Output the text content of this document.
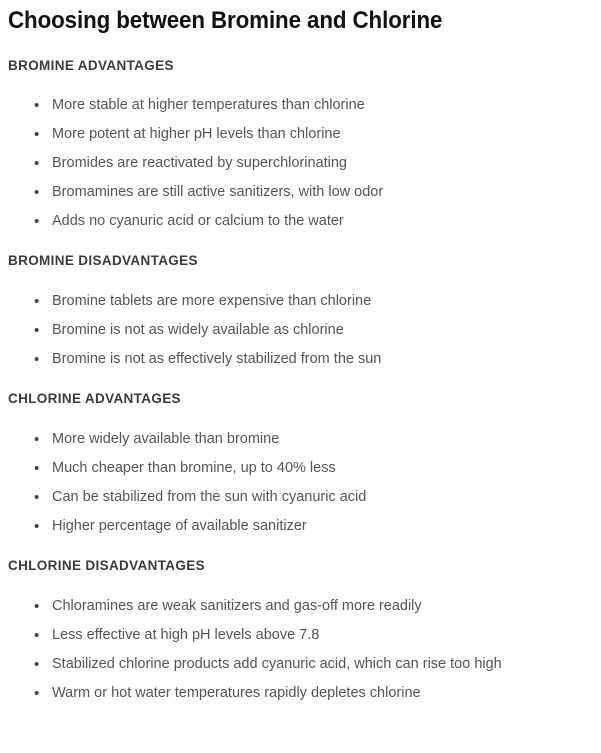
Choosing between Bromine and Chlorine
BROMINE ADVANTAGES
• More stable at higher temperatures than chlorine
• More potent at higher pH levels than chlorine
• Bromides are reactivated by superchlorinating
• Bromamines are still active sanitizers, with low odor
• Adds no cyanuric acid or calcium to the water
BROMINE DISADVANTAGES
• Bromine tablets are more expensive than chlorine
• Bromine is not as widely available as chlorine
• Bromine is not as effectively stabilized from the sun
CHLORINE ADVANTAGES
• More widely available than bromine
• Much cheaper than bromine, up to 40% less
• Can be stabilized from the sun with cyanuric acid
• Higher percentage of available sanitizer
CHLORINE DISADVANTAGES
• Chloramines are weak sanitizers and gas-off more readily
• Less effective at high pH levels above 7.8
• Stabilized chlorine products add cyanuric acid, which can rise too high
• Warm or hot water temperatures rapidly depletes chlorine
